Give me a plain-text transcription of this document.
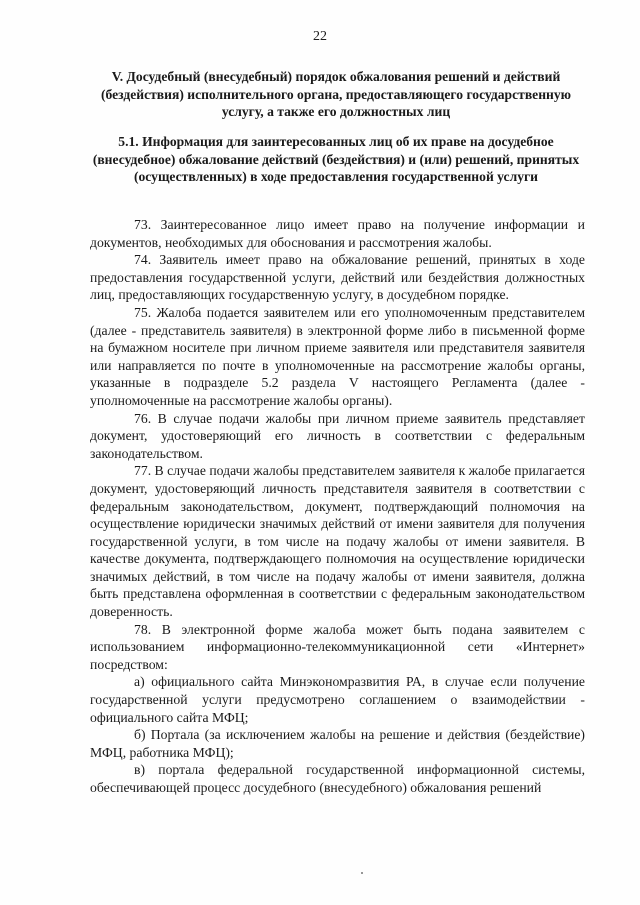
22
V. Досудебный (внесудебный) порядок обжалования решений и действий (бездействия) исполнительного органа, предоставляющего государственную услугу, а также его должностных лиц
5.1. Информация для заинтересованных лиц об их праве на досудебное (внесудебное) обжалование действий (бездействия) и (или) решений, принятых (осуществленных) в ходе предоставления государственной услуги

73. Заинтересованное лицо имеет право на получение информации и документов, необходимых для обоснования и рассмотрения жалобы.

74. Заявитель имеет право на обжалование решений, принятых в ходе предоставления государственной услуги, действий или бездействия должностных лиц, предоставляющих государственную услугу, в досудебном порядке.

75. Жалоба подается заявителем или его уполномоченным представителем (далее - представитель заявителя) в электронной форме либо в письменной форме на бумажном носителе при личном приеме заявителя или представителя заявителя или направляется по почте в уполномоченные на рассмотрение жалобы органы, указанные в подразделе 5.2 раздела V настоящего Регламента (далее - уполномоченные на рассмотрение жалобы органы).

76. В случае подачи жалобы при личном приеме заявитель представляет документ, удостоверяющий его личность в соответствии с федеральным законодательством.

77. В случае подачи жалобы представителем заявителя к жалобе прилагается документ, удостоверяющий личность представителя заявителя в соответствии с федеральным законодательством, документ, подтверждающий полномочия на осуществление юридически значимых действий от имени заявителя для получения государственной услуги, в том числе на подачу жалобы от имени заявителя. В качестве документа, подтверждающего полномочия на осуществление юридически значимых действий, в том числе на подачу жалобы от имени заявителя, должна быть представлена оформленная в соответствии с федеральным законодательством доверенность.

78. В электронной форме жалоба может быть подана заявителем с использованием информационно-телекоммуникационной сети «Интернет» посредством:

а) официального сайта Минэкономразвития РА, в случае если получение государственной услуги предусмотрено соглашением о взаимодействии - официального сайта МФЦ;

б) Портала (за исключением жалобы на решение и действия (бездействие) МФЦ, работника МФЦ);

в) портала федеральной государственной информационной системы, обеспечивающей процесс досудебного (внесудебного) обжалования решений
